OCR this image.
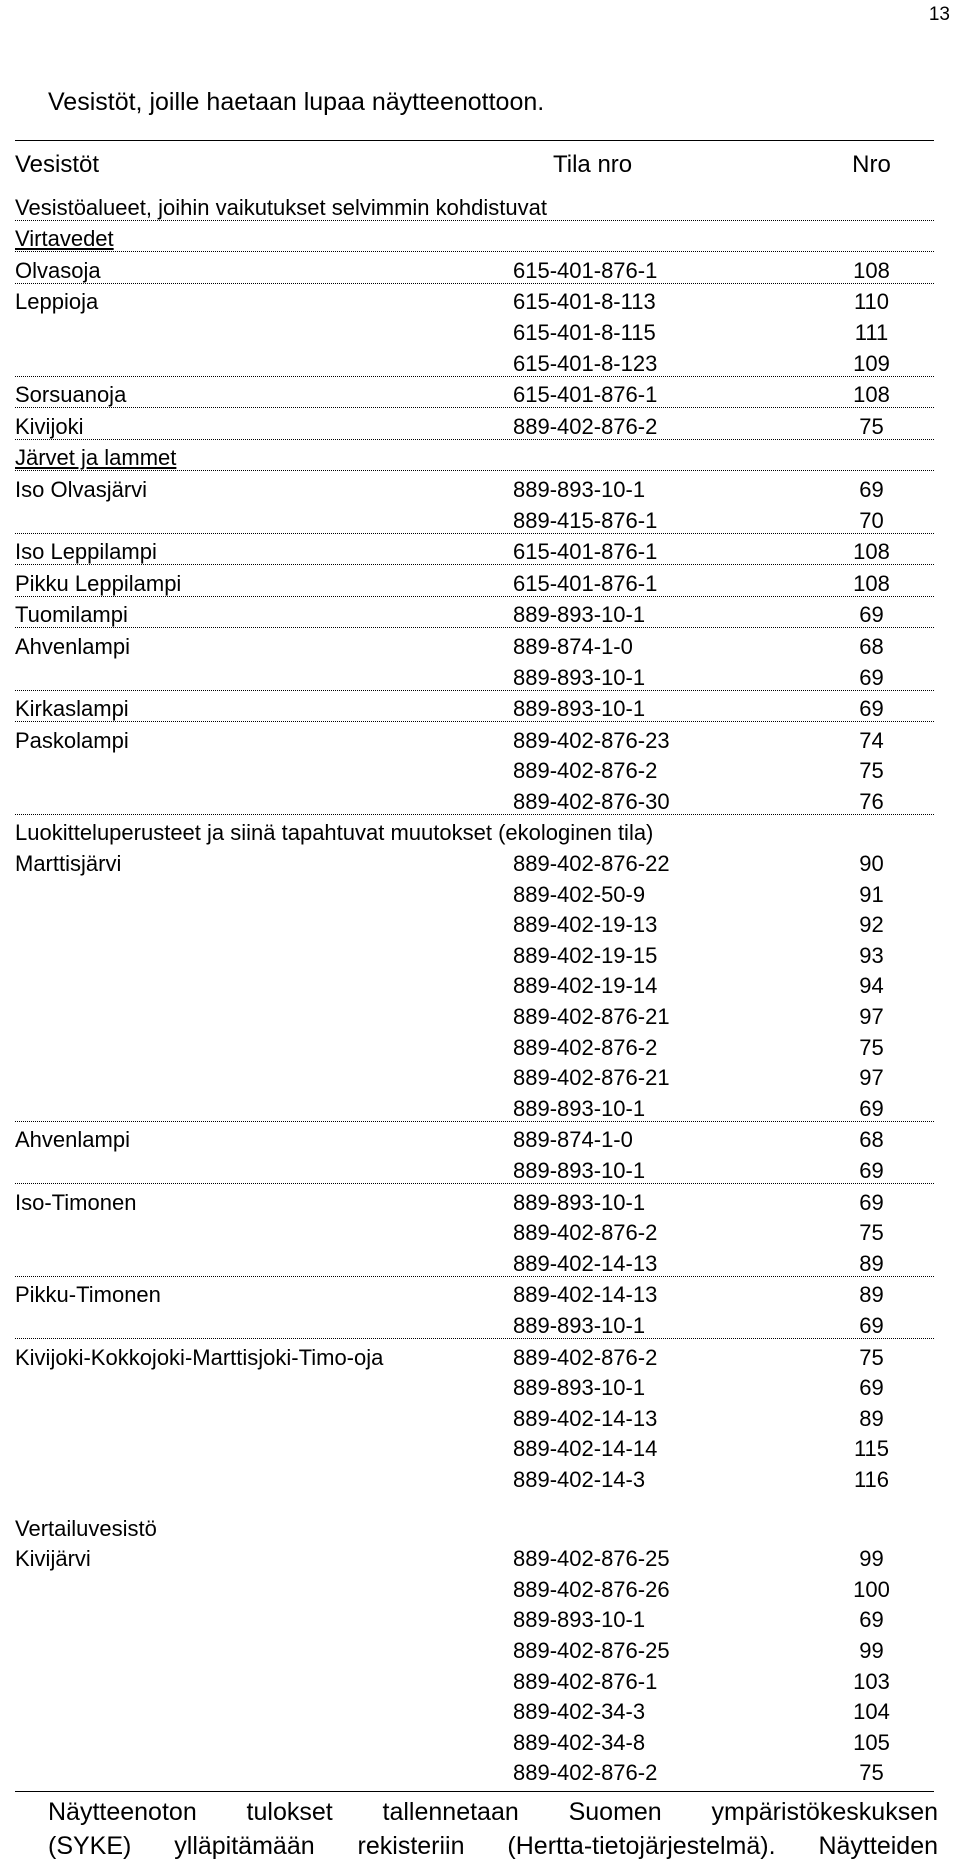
13
Vesistöt, joille haetaan lupaa näytteenottoon.
Vesistöt	Tila nro	Nro
Vesistöalueet, joihin vaikutukset selvimmin kohdistuvat
Virtavedet
Olvasoja	615-401-876-1	108
Leppioja	615-401-8-113	110
615-401-8-115	111
615-401-8-123	109
Sorsuanoja	615-401-876-1	108
Kivijoki	889-402-876-2	75
Järvet ja lammet
Iso Olvasjärvi	889-893-10-1	69
889-415-876-1	70
Iso Leppilampi	615-401-876-1	108
Pikku Leppilampi	615-401-876-1	108
Tuomilampi	889-893-10-1	69
Ahvenlampi	889-874-1-0	68
889-893-10-1	69
Kirkaslampi	889-893-10-1	69
Paskolampi	889-402-876-23	74
889-402-876-2	75
889-402-876-30	76
Luokitteluperusteet ja siinä tapahtuvat muutokset (ekologinen tila)
Marttisjärvi	889-402-876-22	90
889-402-50-9	91
889-402-19-13	92
889-402-19-15	93
889-402-19-14	94
889-402-876-21	97
889-402-876-2	75
889-402-876-21	97
889-893-10-1	69
Ahvenlampi	889-874-1-0	68
889-893-10-1	69
Iso-Timonen	889-893-10-1	69
889-402-876-2	75
889-402-14-13	89
Pikku-Timonen	889-402-14-13	89
889-893-10-1	69
Kivijoki-Kokkojoki-Marttisjoki-Timo-oja	889-402-876-2	75
889-893-10-1	69
889-402-14-13	89
889-402-14-14	115
889-402-14-3	116
Vertailuvesistö
Kivijärvi	889-402-876-25	99
889-402-876-26	100
889-893-10-1	69
889-402-876-25	99
889-402-876-1	103
889-402-34-3	104
889-402-34-8	105
889-402-876-2	75
Näytteenoton tulokset tallennetaan Suomen ympäristökeskuksen
(SYKE) ylläpitämään rekisteriin (Hertta-tietojärjestelmä). Näytteiden
